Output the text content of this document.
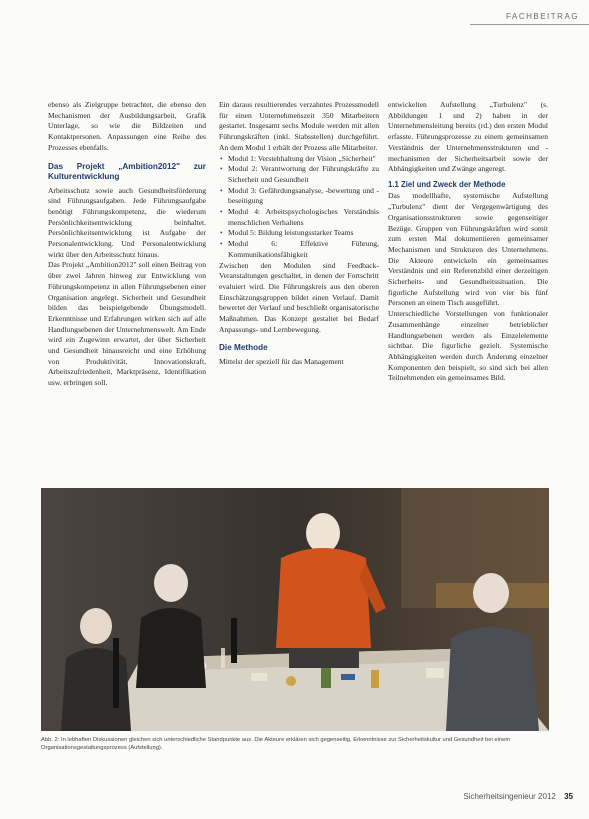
FACHBEITRAG

ebenso als Zielgruppe betrachtet, die ebenso den Mechanismen der Ausbildungsarbeit, Grafik Unterlage, so wie die Bildzeiten und Kontaktpersonen. Anpassungen eine Reihe des Prozesses ebenfalls.

Das Projekt „Ambition2012" zur Kulturentwicklung

Arbeitsschutz sowie auch Gesundheitsförderung sind Führungsaufgaben. Jede Führungsaufgabe benötigt Führungskompetenz, die wiederum Persönlichkeitsentwicklung beinhaltet. Persönlichkeitsentwicklung ist Aufgabe der Personalentwicklung. Und Personalentwicklung wirkt über den Arbeitsschutz hinaus.

Das Projekt „Ambition2012" soll einen Beitrag von über zwei Jahren hinweg zur Entwicklung von Führungskompetenz in allen Führungsebenen einer Organisation angelegt. Sicherheit und Gesundheit bilden das beispielgebende Übungsmodell. Erkenntnisse und Erfahrungen wirken sich auf alle Handlungsebenen der Unternehmenswelt. Am Ende wird ein Zugewinn erwartet, der über Sicherheit und Gesundheit hinausreicht und eine Erhöhung von Produktivität, Innovationskraft, Arbeitszufriedenheit, Marktpräsenz, Identifikation usw. erbringen soll.

Ein daraus resultierendes verzahntes Prozessmodell für einen Unternehmenszeit 350 Mitarbeitern gestartet. Insgesamt sechs Module werden mit allen Führungskräften (inkl. Stabsstellen) durchgeführt. An dem Modul 1 erhält der Prozess alle Mitarbeiter.

• Modul 1: Verstehhaltung der Vision „Sicherheit"
• Modul 2: Verantwortung der Führungskräfte zu Sicherheit und Gesundheit
• Modul 3: Gefährdungsanalyse, -bewertung und -beseitigung
• Modul 4: Arbeitspsychologisches Verständnis menschlichen Verhaltens
• Modul 5: Bildung leistungsstarker Teams
• Modul 6: Effektive Führung, Kommunikationsfähigkeit

Zwischen den Modulen sind Feedback-Veranstaltungen geschaltet, in denen der Fortschritt evaluiert wird. Die Führungskreis aus den oberen Einschätzungsgruppen bildet einen Verlauf. Damit bewertet der Verlauf und beschließt organisatorische Maßnahmen. Das Konzept gestaltet bei Bedarf Anpassungs- und Lernbewegung.

Die Methode

Mittelst der speziell für das Management

entwickelten Aufstellung „Turbulenz" (s. Abbildungen 1 und 2) haben in der Unternehmensleitung bereits (rd.) den ersten Modul erfasste. Führungsprozesse zu einem gemeinsamen Verständnis der Unternehmensstrukturen und -mechanismen der Sicherheitsarbeit sowie der Abhängigkeiten und Zwänge angeregt.

1.1 Ziel und Zweck der Methode

Das modellhafte, systemische Aufstellung „Turbulenz" dient der Vergegenwärtigung des Organisationsstrukturen sowie gegenseitiger Bezüge. Gruppen von Führungskräften wird somit zum ersten Mal dokumentieren gemeinsamer Mechanismen und Strukturen des Unternehmens. Die Akteure entwickeln ein gemeinsames Verständnis und ein Referenzbild einer derzeitigen Sicherheits- und Gesundheitssituation. Die figurliche Aufstellung wird von vier bis fünf Personen an einem Tisch ausgeführt.

Unterschiedliche Vorstellungen von funktionaler Zusammenhänge einzelner betrieblicher Handlungsebenen werden als Einzelelemente sichtbar. Die figurliche gezielt. Systemische Abhängigkeiten werden durch Änderung einzelner Komponenten den beispielt, so sind sich bei allen Teilnehmenden ein gemeinsames Bild.

Abb. 2: In lebhaften Diskussionen gleichen sich unterschiedliche Standpunkte aus. Die Akteure erklären sich gegenseitig. Erkenntnisse zur Sicherheitskultur und Gesundheit bei einem Organisationsgestaltungsprozess (Aufstellung).
Sicherheitsingenieur 2012 35
